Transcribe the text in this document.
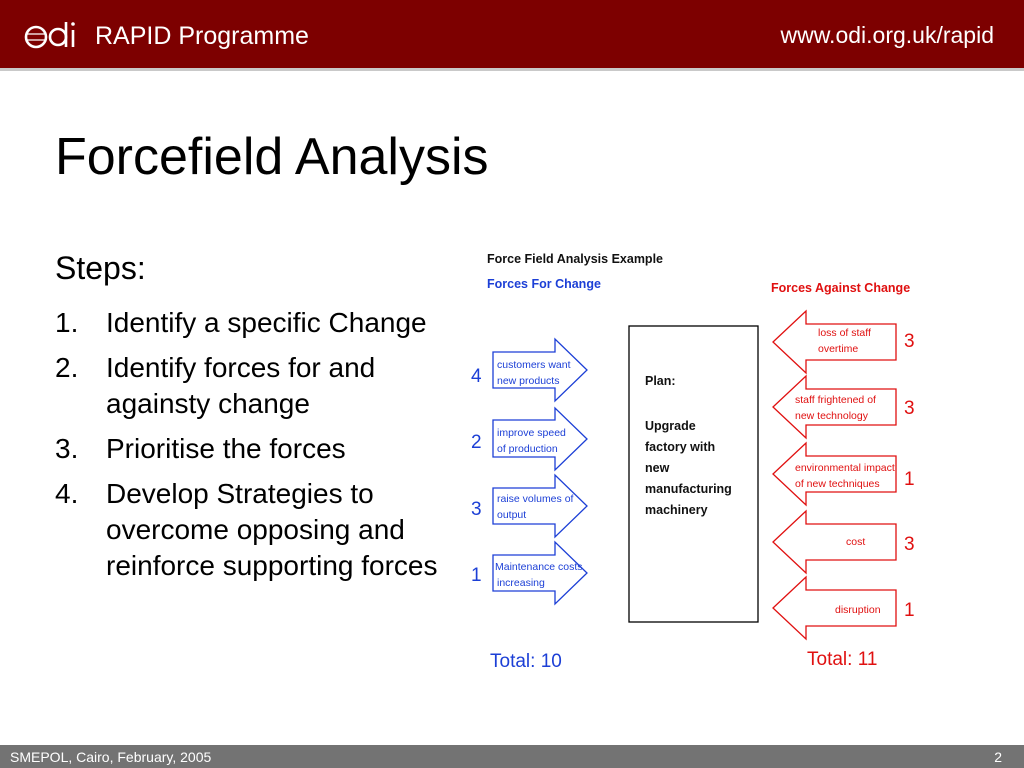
RAPID Programme	www.odi.org.uk/rapid
Forcefield Analysis
Steps:
1. Identify a specific Change
2. Identify forces for and againsty change
3. Prioritise the forces
4. Develop Strategies to overcome opposing and reinforce supporting forces
Force Field Analysis Example
Forces For Change	Forces Against Change
Plan:
Upgrade
factory with
new
manufacturing
machinery
customers want
new products
4
improve speed
of production
2
raise volumes of
output
3
Maintenance costs
increasing
1
loss of staff
overtime 3
staff frightened of
new technology 3
environmental impact
of new techniques 1
cost 3
disruption 1
Total: 10	Total: 11
SMEPOL, Cairo, February, 2005	2
